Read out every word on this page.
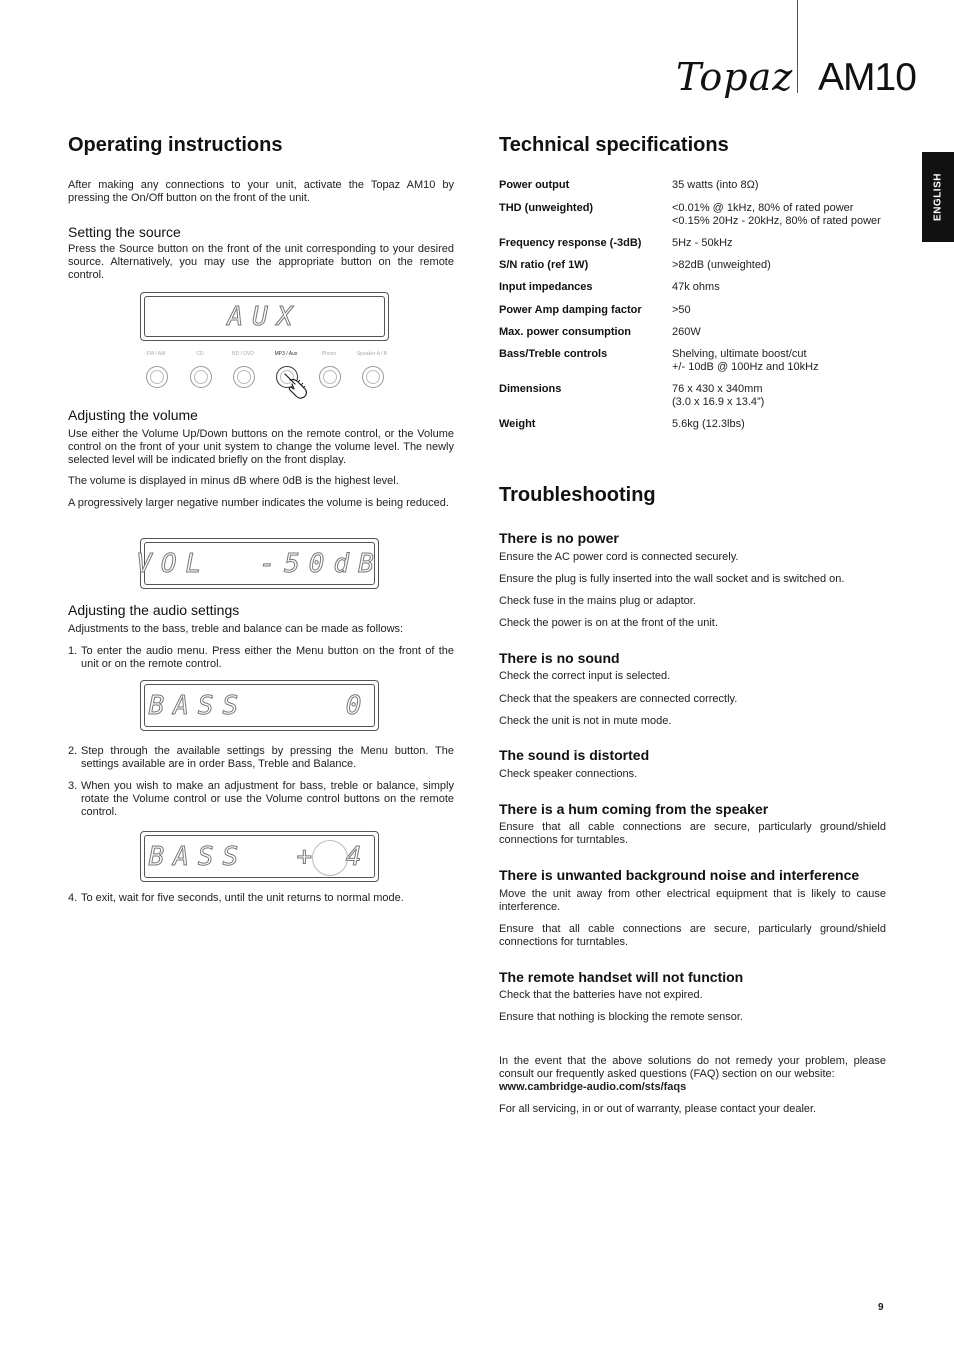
Topaz AM10
ENGLISH
Operating instructions

After making any connections to your unit, activate the Topaz AM10 by pressing the On/Off button on the front of the unit.

Setting the source

Press the Source button on the front of the unit corresponding to your desired source. Alternatively, you may use the appropriate button on the remote control.

AUX
FM / AM	CD	BD / DVD	MP3 / Aux	Phono	Speaker A / B
Adjusting the volume

Use either the Volume Up/Down buttons on the remote control, or the Volume control on the front of your unit system to change the volume level. The newly selected level will be indicated briefly on the front display.

The volume is displayed in minus dB where 0dB is the highest level.

A progressively larger negative number indicates the volume is being reduced.

VOL  -50dB
Adjusting the audio settings

Adjustments to the bass, treble and balance can be made as follows:

1. To enter the audio menu. Press either the Menu button on the front of the unit or on the remote control.
BASS    0
2. Step through the available settings by pressing the Menu button. The settings available are in order Bass, Treble and Balance.
3. When you wish to make an adjustment for bass, treble or balance, simply rotate the Volume control or use the Volume control buttons on the remote control.
BASS  + 4
4. To exit, wait for five seconds, until the unit returns to normal mode.
Technical specifications
Power output	35 watts (into 8Ω)
THD (unweighted)	<0.01% @ 1kHz, 80% of rated power
<0.15% 20Hz - 20kHz, 80% of rated power
Frequency response (-3dB)	5Hz - 50kHz
S/N ratio (ref 1W)	>82dB (unweighted)
Input impedances	47k ohms
Power Amp damping factor	>50
Max. power consumption	260W
Bass/Treble controls	Shelving, ultimate boost/cut
+/- 10dB @ 100Hz and 10kHz
Dimensions	76 x 430 x 340mm
(3.0 x 16.9 x 13.4”)
Weight	5.6kg (12.3lbs)
Troubleshooting
There is no power

Ensure the AC power cord is connected securely.

Ensure the plug is fully inserted into the wall socket and is switched on.

Check fuse in the mains plug or adaptor.

Check the power is on at the front of the unit.

There is no sound

Check the correct input is selected.

Check that the speakers are connected correctly.

Check the unit is not in mute mode.

The sound is distorted

Check speaker connections.

There is a hum coming from the speaker

Ensure that all cable connections are secure, particularly ground/shield connections for turntables.

There is unwanted background noise and interference

Move the unit away from other electrical equipment that is likely to cause interference.

Ensure that all cable connections are secure, particularly ground/shield connections for turntables.

The remote handset will not function

Check that the batteries have not expired.

Ensure that nothing is blocking the remote sensor.

In the event that the above solutions do not remedy your problem, please consult our frequently asked questions (FAQ) section on our website:
www.cambridge-audio.com/sts/faqs

For all servicing, in or out of warranty, please contact your dealer.

9
